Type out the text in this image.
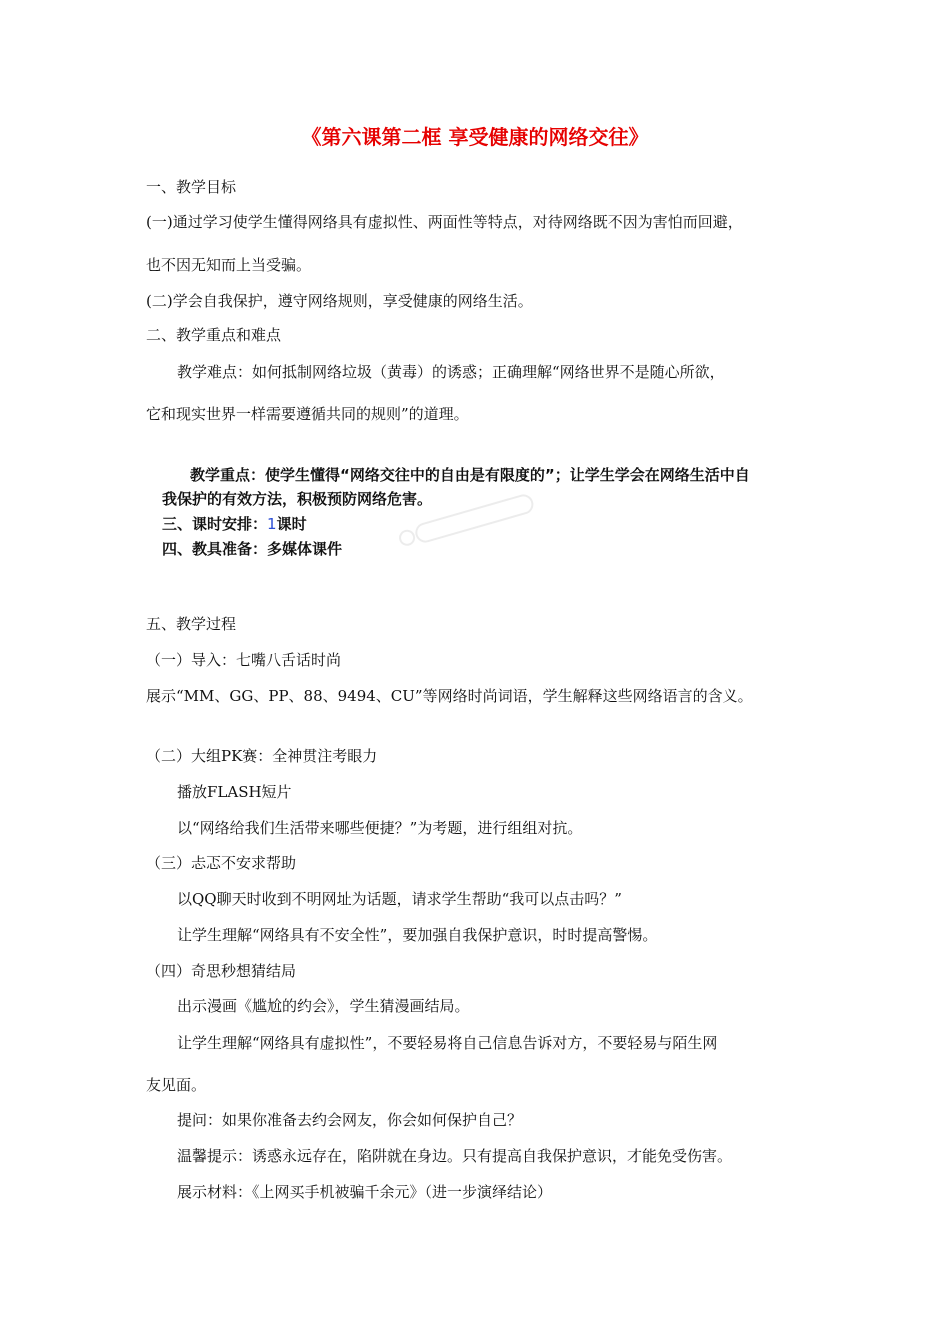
《第六课第二框 享受健康的网络交往》
一、教学目标
(一)通过学习使学生懂得网络具有虚拟性、两面性等特点，对待网络既不因为害怕而回避，
也不因无知而上当受骗。
(二)学会自我保护，遵守网络规则，享受健康的网络生活。
二、教学重点和难点
教学难点：如何抵制网络垃圾（黄毒）的诱惑；正确理解“网络世界不是随心所欲，
它和现实世界一样需要遵循共同的规则”的道理。
教学重点：使学生懂得“网络交往中的自由是有限度的”；让学生学会在网络生活中自
我保护的有效方法，积极预防网络危害。
三、课时安排：1课时
四、教具准备：多媒体课件
五、教学过程
（一）导入：七嘴八舌话时尚
展示“MM、GG、PP、88、9494、CU”等网络时尚词语，学生解释这些网络语言的含义。
（二）大组PK赛：全神贯注考眼力
播放FLASH短片
以“网络给我们生活带来哪些便捷？”为考题，进行组组对抗。
（三）忐忑不安求帮助
以QQ聊天时收到不明网址为话题，请求学生帮助“我可以点击吗？”
让学生理解“网络具有不安全性”，要加强自我保护意识，时时提高警惕。
（四）奇思秒想猜结局
出示漫画《尴尬的约会》，学生猜漫画结局。
让学生理解“网络具有虚拟性”，不要轻易将自己信息告诉对方，不要轻易与陌生网
友见面。
提问：如果你准备去约会网友，你会如何保护自己？
温馨提示：诱惑永远存在，陷阱就在身边。只有提高自我保护意识，才能免受伤害。
展示材料：《上网买手机被骗千余元》（进一步演绎结论）
